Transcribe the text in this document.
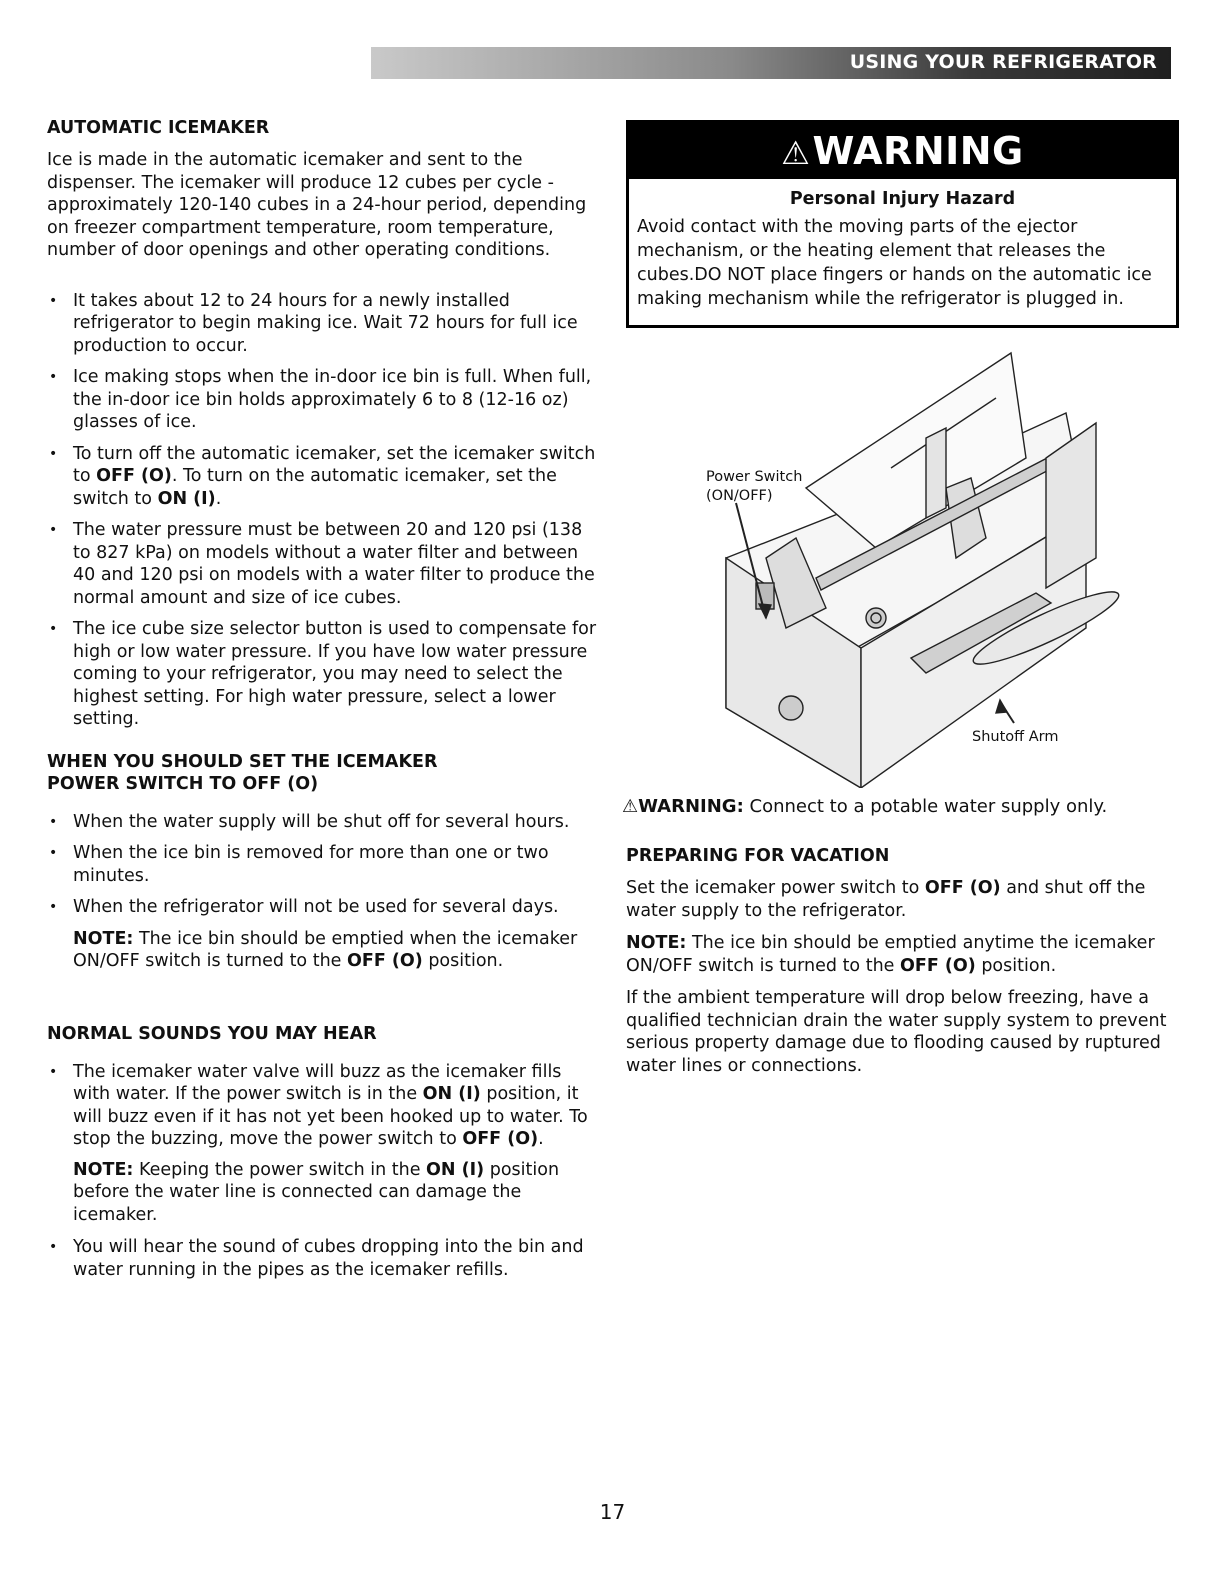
USING YOUR REFRIGERATOR
AUTOMATIC ICEMAKER

Ice is made in the automatic icemaker and sent to the dispenser. The icemaker will produce 12 cubes per cycle - approximately 120-140 cubes in a 24-hour period, depending on freezer compartment temperature, room temperature, number of door openings and other operating conditions.

• It takes about 12 to 24 hours for a newly installed refrigerator to begin making ice. Wait 72 hours for full ice production to occur.
• Ice making stops when the in-door ice bin is full. When full, the in-door ice bin holds approximately 6 to 8 (12-16 oz) glasses of ice.
• To turn off the automatic icemaker, set the icemaker switch to OFF (O). To turn on the automatic icemaker, set the switch to ON (I).
• The water pressure must be between 20 and 120 psi (138 to 827 kPa) on models without a water filter and between 40 and 120 psi on models with a water filter to produce the normal amount and size of ice cubes.
• The ice cube size selector button is used to compensate for high or low water pressure. If you have low water pressure coming to your refrigerator, you may need to select the highest setting. For high water pressure, select a lower setting.
WHEN YOU SHOULD SET THE ICEMAKER
POWER SWITCH TO OFF (O)
• When the water supply will be shut off for several hours.
• When the ice bin is removed for more than one or two minutes.
• When the refrigerator will not be used for several days.

NOTE: The ice bin should be emptied when the icemaker ON/OFF switch is turned to the OFF (O) position.

NORMAL SOUNDS YOU MAY HEAR
• The icemaker water valve will buzz as the icemaker fills with water. If the power switch is in the ON (I) position, it will buzz even if it has not yet been hooked up to water. To stop the buzzing, move the power switch to OFF (O).

NOTE: Keeping the power switch in the ON (I) position before the water line is connected can damage the icemaker.

• You will hear the sound of cubes dropping into the bin and water running in the pipes as the icemaker refills.
⚠WARNING
Personal Injury Hazard
Avoid contact with the moving parts of the ejector mechanism, or the heating element that releases the cubes.DO NOT place fingers or hands on the automatic ice making mechanism while the refrigerator is plugged in.
Power Switch
(ON/OFF)
Shutoff Arm
⚠WARNING: Connect to a potable water supply only.
PREPARING FOR VACATION

Set the icemaker power switch to OFF (O) and shut off the water supply to the refrigerator.

NOTE: The ice bin should be emptied anytime the icemaker ON/OFF switch is turned to the OFF (O) position.

If the ambient temperature will drop below freezing, have a qualified technician drain the water supply system to prevent serious property damage due to flooding caused by ruptured water lines or connections.

17
